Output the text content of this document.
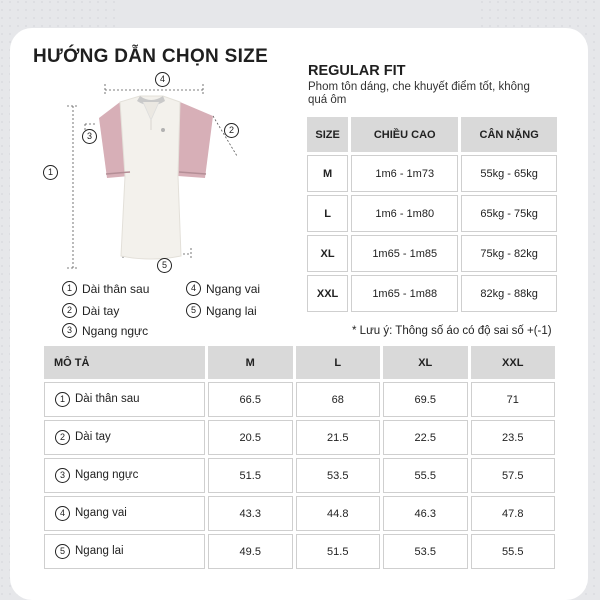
HƯỚNG DẪN CHỌN SIZE
1
2
3
4
5
1 Dài thân sau	4 Ngang vai
2 Dài tay	5 Ngang lai
3 Ngang ngực
REGULAR FIT
Phom tôn dáng, che khuyết điểm tốt, không quá ôm
SIZE	CHIỀU CAO	CÂN NẶNG
M	1m6 - 1m73	55kg - 65kg
L	1m6 - 1m80	65kg - 75kg
XL	1m65 - 1m85	75kg - 82kg
XXL	1m65 - 1m88	82kg - 88kg
* Lưu ý: Thông số áo có độ sai số +(-1)
MÔ TẢ	M	L	XL	XXL
1 Dài thân sau	66.5	68	69.5	71
2 Dài tay	20.5	21.5	22.5	23.5
3 Ngang ngực	51.5	53.5	55.5	57.5
4 Ngang vai	43.3	44.8	46.3	47.8
5 Ngang lai	49.5	51.5	53.5	55.5
